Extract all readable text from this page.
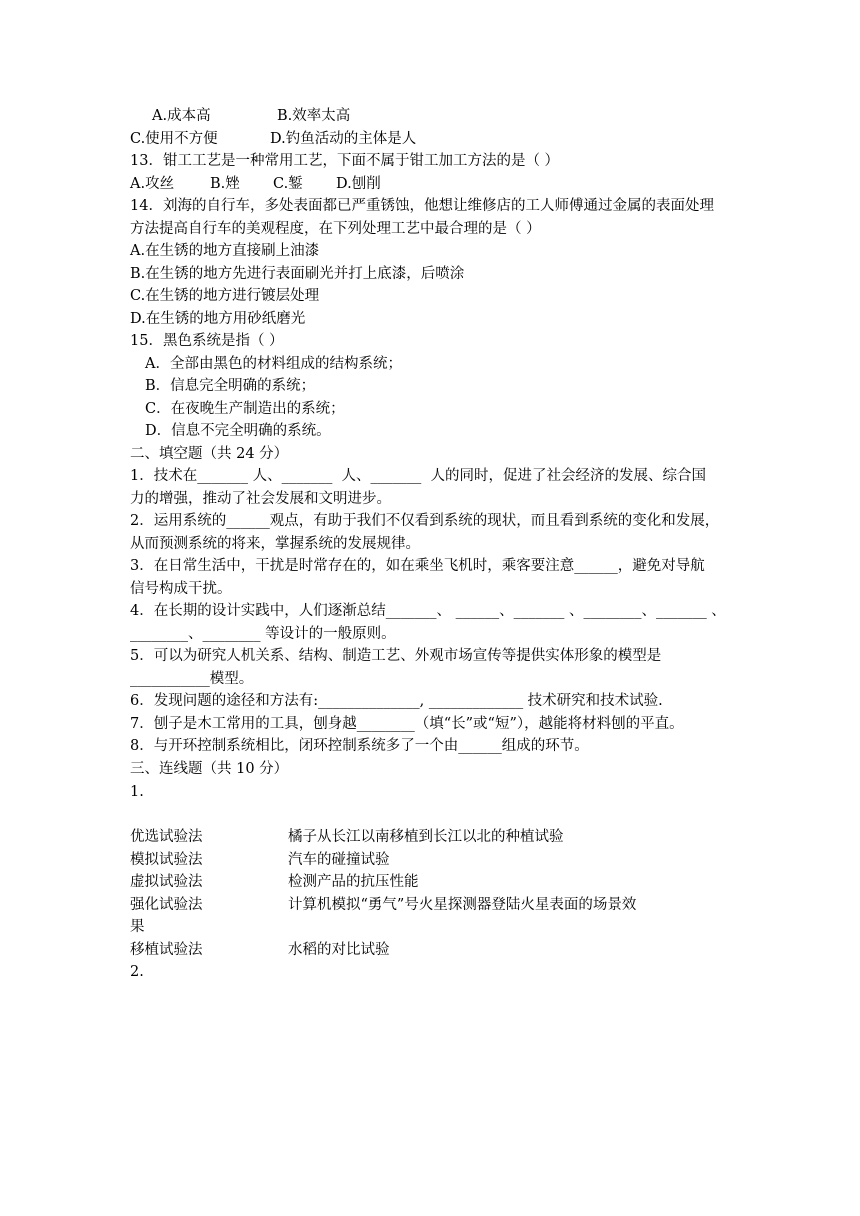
A.成本高	B.效率太高
C.使用不方便	D.钓鱼活动的主体是人
13．钳工工艺是一种常用工艺，下面不属于钳工加工方法的是（ ）
A.攻丝 B.矬 C.錾 D.刨削
14．刘海的自行车，多处表面都已严重锈蚀，他想让维修店的工人师傅通过金属的表面处理
方法提高自行车的美观程度，在下列处理工艺中最合理的是（ ）
A.在生锈的地方直接刷上油漆
B.在生锈的地方先进行表面刷光并打上底漆，后喷涂
C.在生锈的地方进行镀层处理
D.在生锈的地方用砂纸磨光
15．黑色系统是指（ ）
A．全部由黑色的材料组成的结构系统；
B．信息完全明确的系统；
C．在夜晚生产制造出的系统；
D．信息不完全明确的系统。
二、填空题（共 24 分）
1．技术在_______ 人、_______  人、_______  人的同时，促进了社会经济的发展、综合国
力的增强，推动了社会发展和文明进步。
2．运用系统的______观点，有助于我们不仅看到系统的现状，而且看到系统的变化和发展，
从而预测系统的将来，掌握系统的发展规律。
3．在日常生活中，干扰是时常存在的，如在乘坐飞机时，乘客要注意______，避免对导航
信号构成干扰。
4．在长期的设计实践中，人们逐渐总结_______、 ______、_______ 、________、_______ 、
________、________ 等设计的一般原则。
5．可以为研究人机关系、结构、制造工艺、外观市场宣传等提供实体形象的模型是
___________模型。
6．发现问题的途径和方法有:______________, _____________ 技术研究和技术试验.
7．刨子是木工常用的工具，刨身越________（填“长”或“短”），越能将材料刨的平直。
8．与开环控制系统相比，闭环控制系统多了一个由______组成的环节。
三、连线题（共 10 分）
1.
优选试验法	橘子从长江以南移植到长江以北的种植试验
模拟试验法	汽车的碰撞试验
虚拟试验法	检测产品的抗压性能
强化试验法	计算机模拟“勇气”号火星探测器登陆火星表面的场景效
果
移植试验法	水稻的对比试验
2.
